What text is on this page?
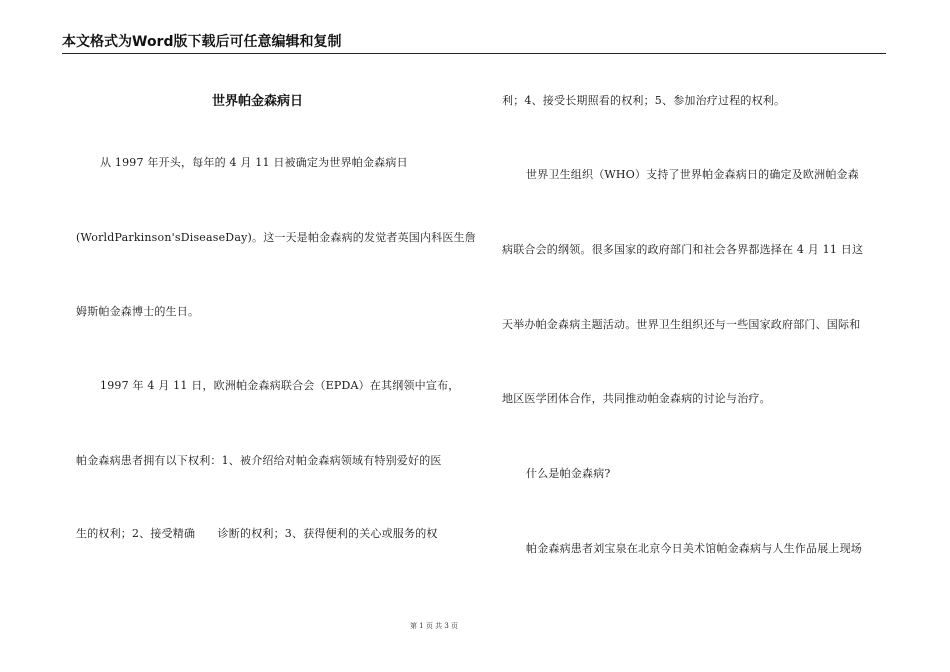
本文格式为Word版下载后可任意编辑和复制
世界帕金森病日
从 1997 年开头，每年的 4 月 11 日被确定为世界帕金森病日
(WorldParkinson'sDiseaseDay)。这一天是帕金森病的发觉者英国内科医生詹
姆斯帕金森博士的生日。
1997 年 4 月 11 日，欧洲帕金森病联合会（EPDA）在其纲领中宣布，
帕金森病患者拥有以下权利：1、被介绍给对帕金森病领域有特别爱好的医
生的权利；2、接受精确　　诊断的权利；3、获得便利的关心或服务的权
利；4、接受长期照看的权利；5、参加治疗过程的权利。
世界卫生组织（WHO）支持了世界帕金森病日的确定及欧洲帕金森
病联合会的纲领。很多国家的政府部门和社会各界都选择在 4 月 11 日这
天举办帕金森病主题活动。世界卫生组织还与一些国家政府部门、国际和
地区医学团体合作，共同推动帕金森病的讨论与治疗。
什么是帕金森病?
帕金森病患者刘宝泉在北京今日美术馆帕金森病与人生作品展上现场
第 1 页 共 3 页
